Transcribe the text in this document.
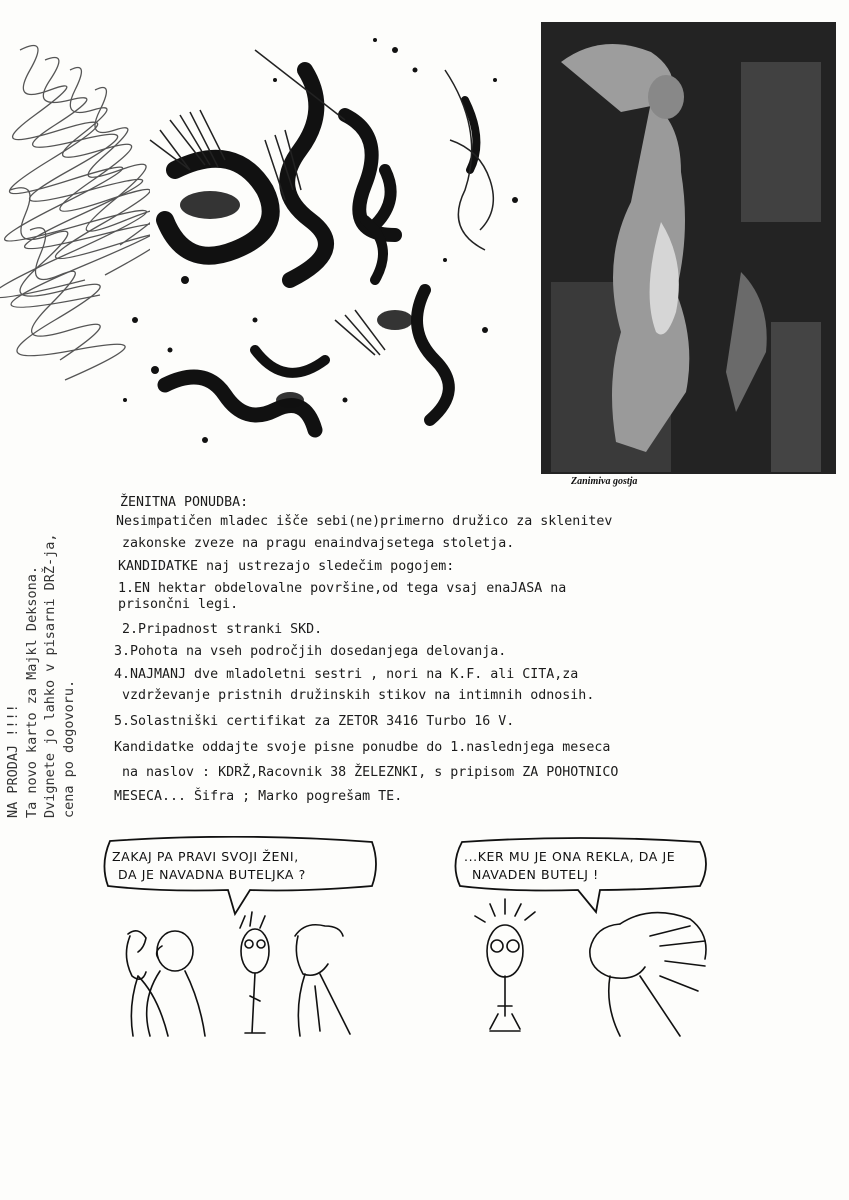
Zanimiva gostja
NA PRODAJ !!!! Ta novo karto za Majkl Deksona. Dvignete jo lahko v pisarni DRŽ-ja, cena po dogovoru.
ŽENITNA PONUDBA:
Nesimpatičen mladec išče sebi(ne)primerno družico za sklenitev
zakonske zveze na pragu enaindvajsetega stoletja.
KANDIDATKE naj ustrezajo sledečim pogojem:
1.EN hektar obdelovalne površine,od tega vsaj enaJASA na
prisončni legi.
2.Pripadnost stranki SKD.
3.Pohota na vseh področjih dosedanjega delovanja.
4.NAJMANJ dve mladoletni sestri , nori na K.F. ali CITA,za
vzdrževanje pristnih družinskih stikov na intimnih odnosih.
5.Solastniški certifikat za ZETOR 3416 Turbo 16 V.
Kandidatke oddajte svoje pisne ponudbe do 1.naslednjega meseca
na naslov : KDRŽ,Racovnik 38 ŽELEZNKI, s pripisom ZA POHOTNICO
MESECA... Šifra ; Marko pogrešam TE.
ZAKAJ PA PRAVI SVOJI ŽENI,
DA JE NAVADNA BUTELJKA ?
...KER MU JE ONA REKLA, DA JE
NAVADEN BUTELJ !
